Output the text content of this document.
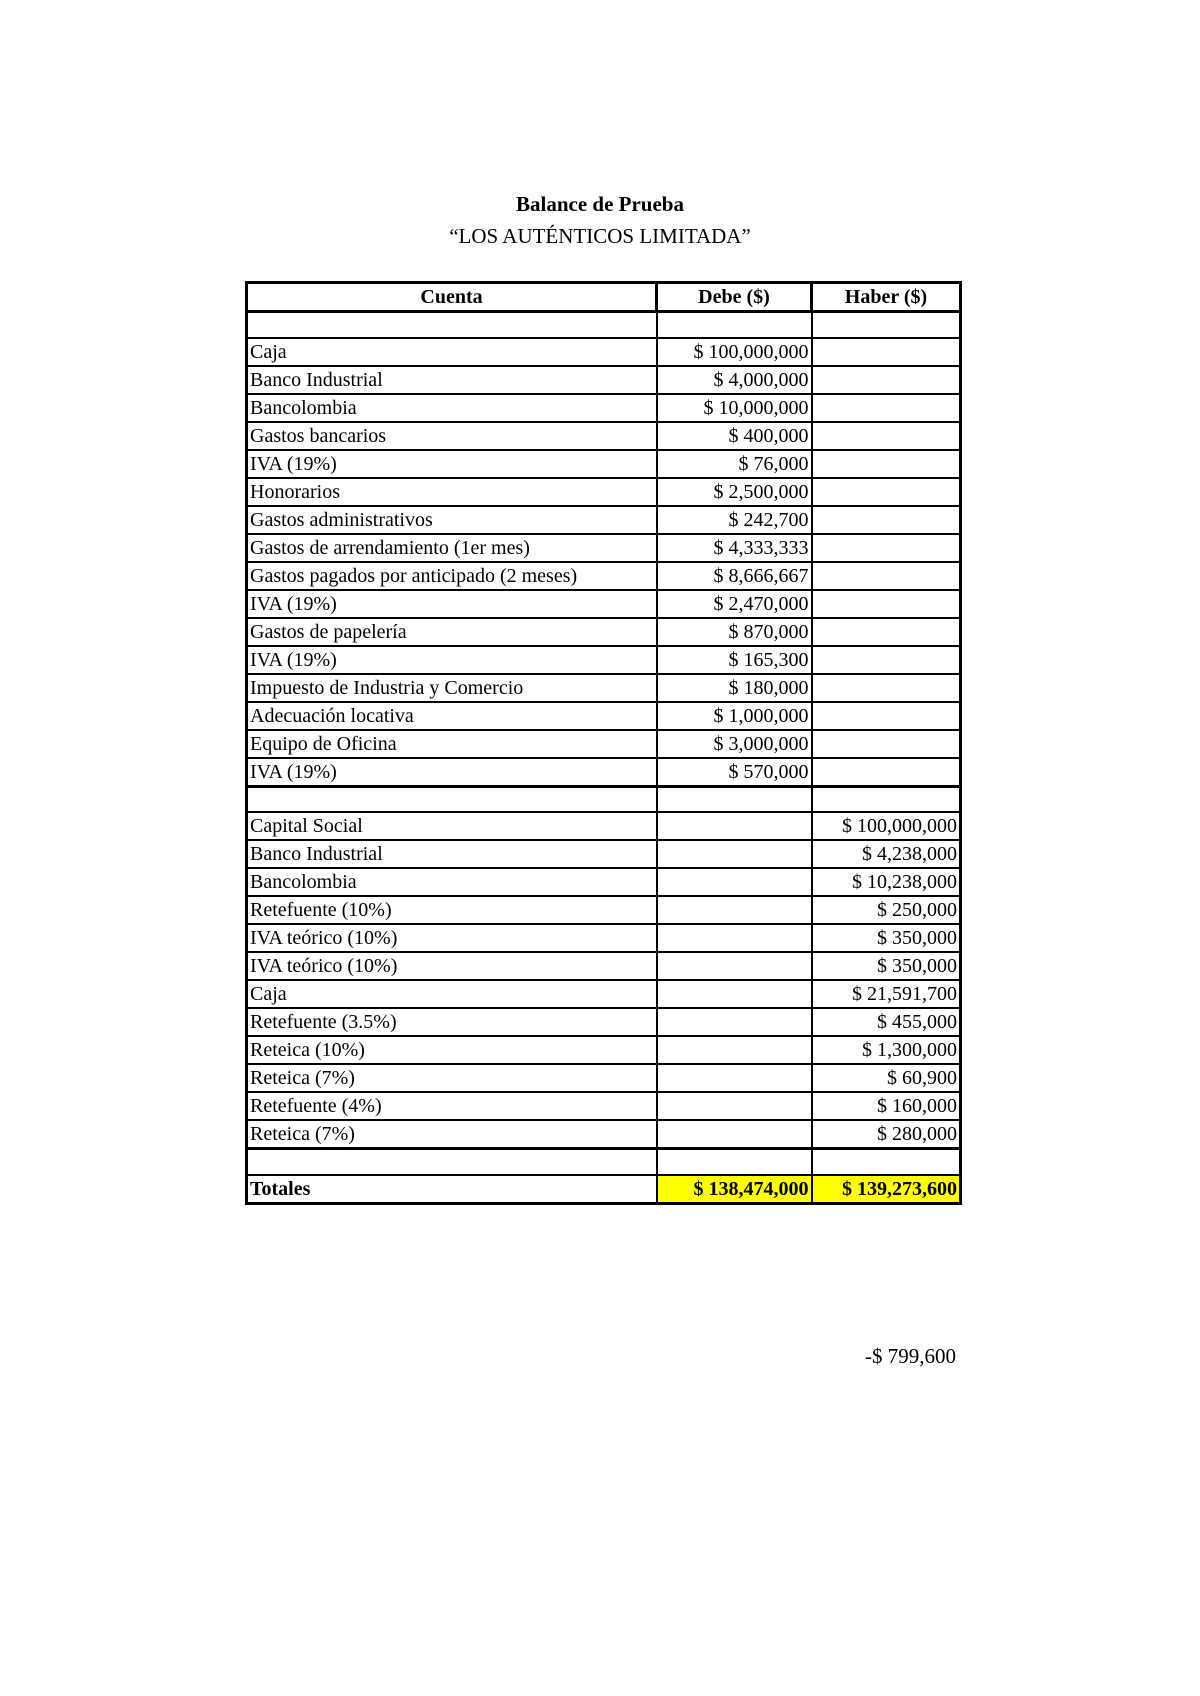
Balance de Prueba
“LOS AUTÉNTICOS LIMITADA”
Cuenta	Debe ($)	Haber ($)

Caja	$ 100,000,000	
Banco Industrial	$ 4,000,000	
Bancolombia	$ 10,000,000	
Gastos bancarios	$ 400,000	
IVA (19%)	$ 76,000	
Honorarios	$ 2,500,000	
Gastos administrativos	$ 242,700	
Gastos de arrendamiento (1er mes)	$ 4,333,333	
Gastos pagados por anticipado (2 meses)	$ 8,666,667	
IVA (19%)	$ 2,470,000	
Gastos de papelería	$ 870,000	
IVA (19%)	$ 165,300	
Impuesto de Industria y Comercio	$ 180,000	
Adecuación locativa	$ 1,000,000	
Equipo de Oficina	$ 3,000,000	
IVA (19%)	$ 570,000	

Capital Social		$ 100,000,000
Banco Industrial		$ 4,238,000
Bancolombia		$ 10,238,000
Retefuente (10%)		$ 250,000
IVA teórico (10%)		$ 350,000
IVA teórico (10%)		$ 350,000
Caja		$ 21,591,700
Retefuente (3.5%)		$ 455,000
Reteica (10%)		$ 1,300,000
Reteica (7%)		$ 60,900
Retefuente (4%)		$ 160,000
Reteica (7%)		$ 280,000

Totales	$ 138,474,000	$ 139,273,600
-$ 799,600
